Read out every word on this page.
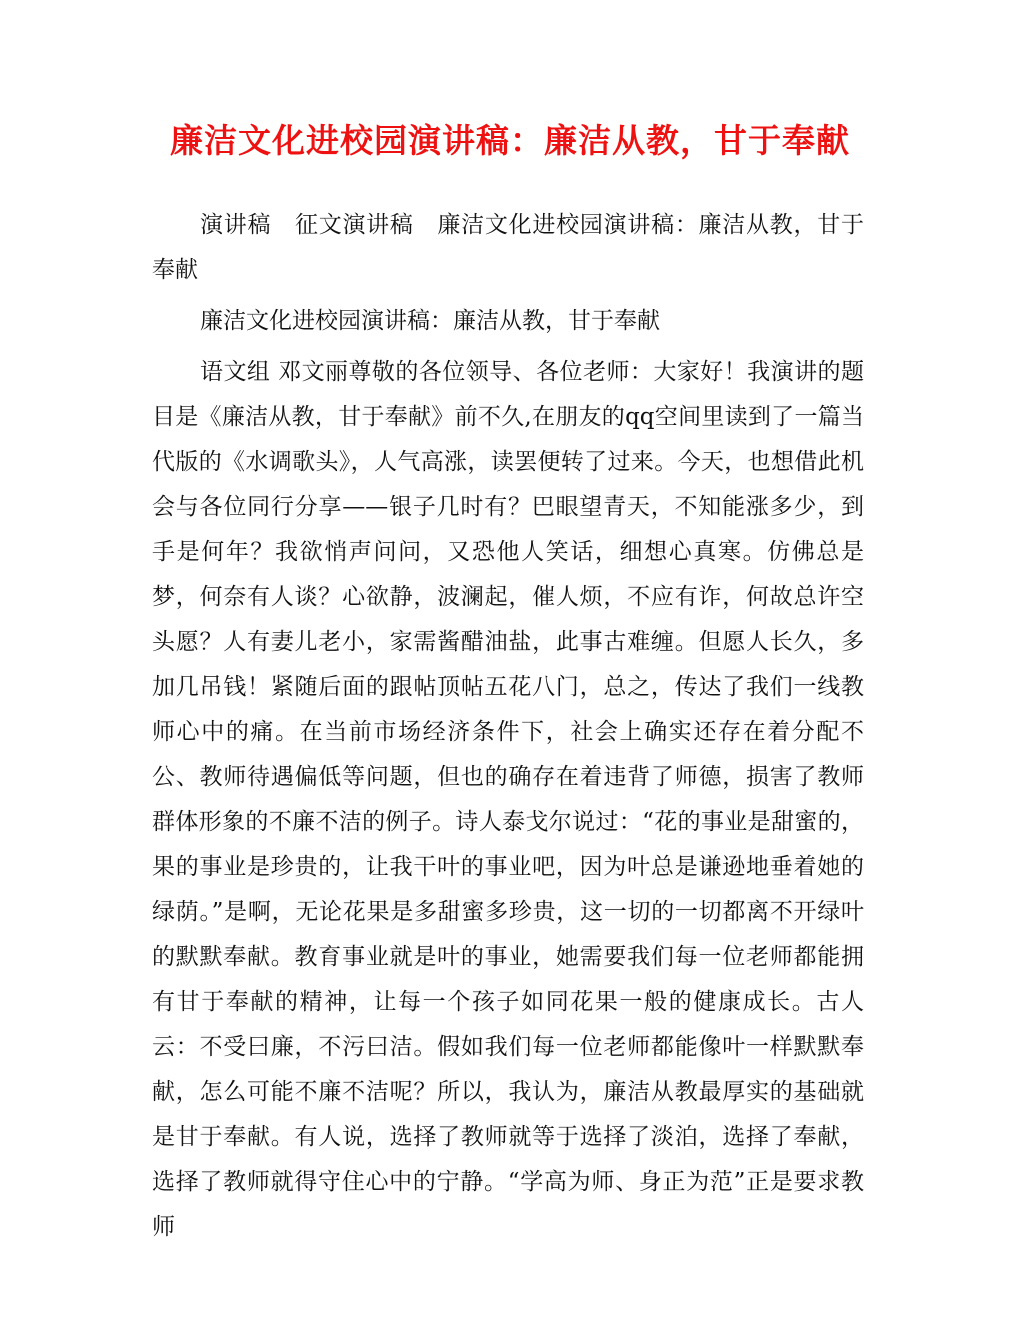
廉洁文化进校园演讲稿：廉洁从教，甘于奉献

演讲稿　征文演讲稿　廉洁文化进校园演讲稿：廉洁从教，甘于奉献

廉洁文化进校园演讲稿：廉洁从教，甘于奉献

语文组 邓文丽尊敬的各位领导、各位老师：大家好！我演讲的题目是《廉洁从教，甘于奉献》前不久,在朋友的qq空间里读到了一篇当代版的《水调歌头》，人气高涨，读罢便转了过来。今天，也想借此机会与各位同行分享——银子几时有？巴眼望青天，不知能涨多少，到手是何年？我欲悄声问问，又恐他人笑话，细想心真寒。仿佛总是梦，何奈有人谈？心欲静，波澜起，催人烦，不应有诈，何故总许空头愿？人有妻儿老小，家需酱醋油盐，此事古难缠。但愿人长久，多加几吊钱！紧随后面的跟帖顶帖五花八门，总之，传达了我们一线教师心中的痛。在当前市场经济条件下，社会上确实还存在着分配不公、教师待遇偏低等问题，但也的确存在着违背了师德，损害了教师群体形象的不廉不洁的例子。诗人泰戈尔说过：“花的事业是甜蜜的，果的事业是珍贵的，让我干叶的事业吧，因为叶总是谦逊地垂着她的绿荫。”是啊，无论花果是多甜蜜多珍贵，这一切的一切都离不开绿叶的默默奉献。教育事业就是叶的事业，她需要我们每一位老师都能拥有甘于奉献的精神，让每一个孩子如同花果一般的健康成长。古人云：不受曰廉，不污曰洁。假如我们每一位老师都能像叶一样默默奉献，怎么可能不廉不洁呢？所以，我认为，廉洁从教最厚实的基础就是甘于奉献。有人说，选择了教师就等于选择了淡泊，选择了奉献，选择了教师就得守住心中的宁静。“学高为师、身正为范”正是要求教师
